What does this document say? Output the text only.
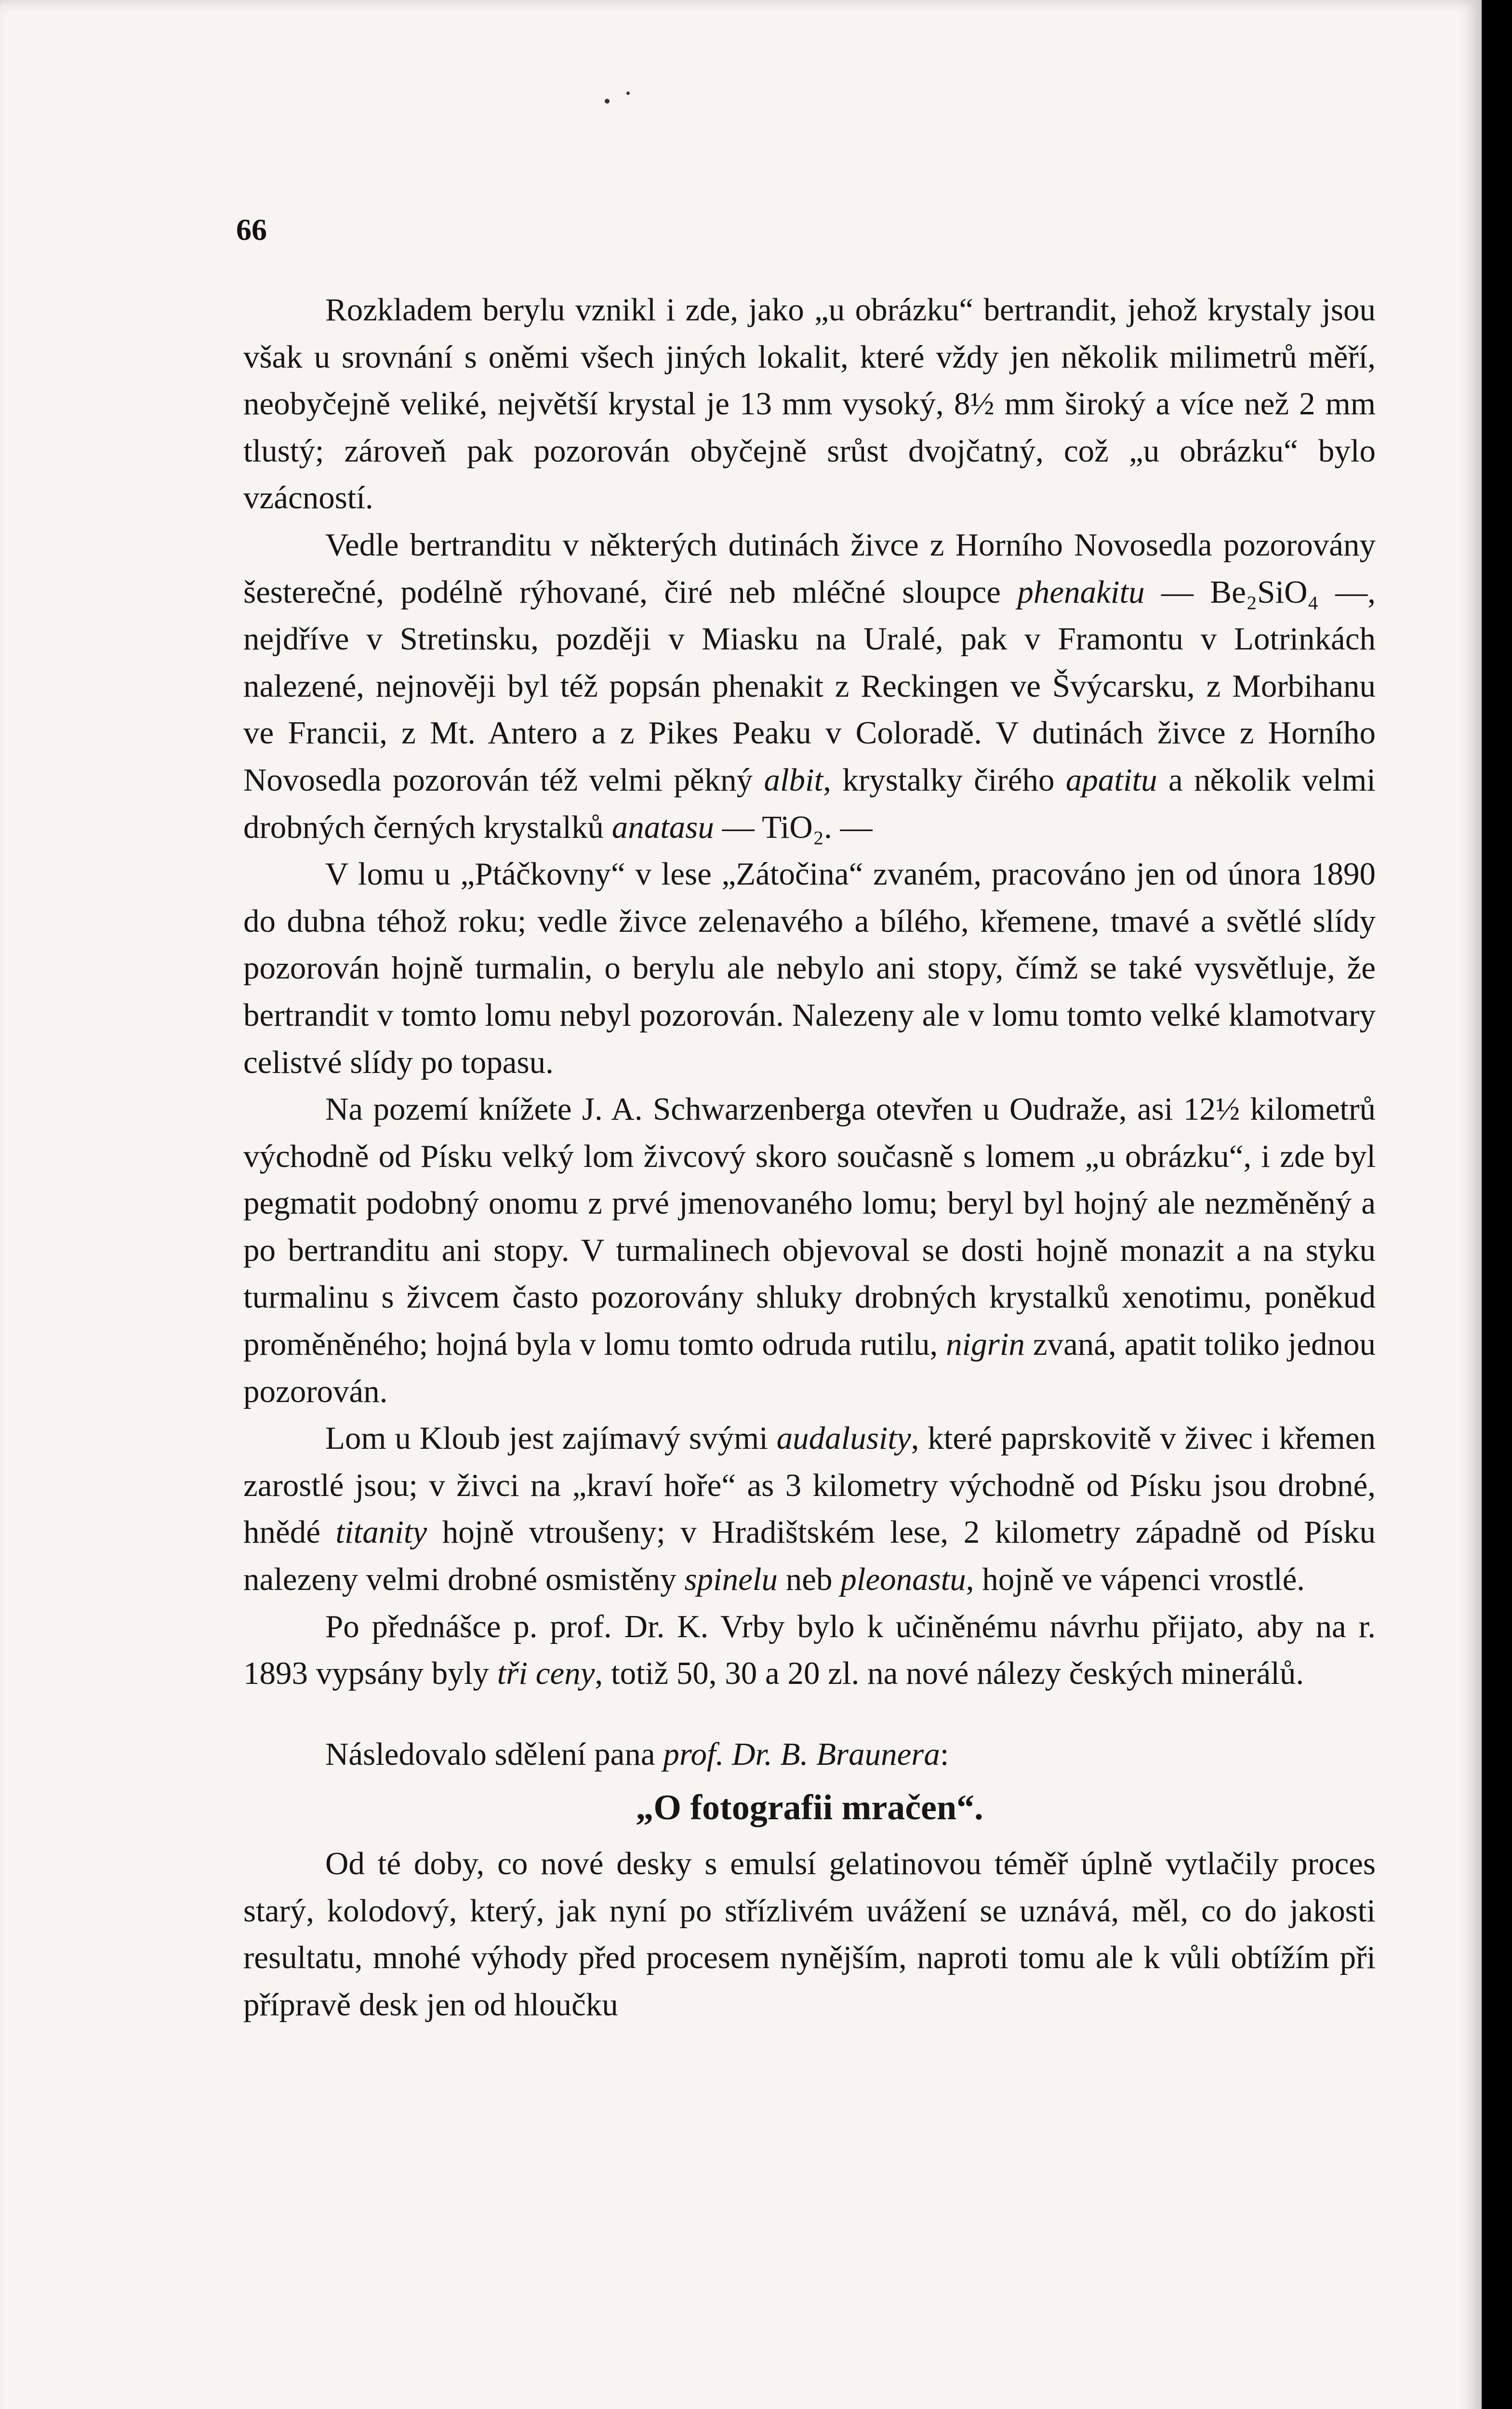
66

Rozkladem berylu vznikl i zde, jako „u obrázku“ bertrandit, jehož krystaly jsou však u srovnání s oněmi všech jiných lokalit, které vždy jen několik milimetrů měří, neobyčejně veliké, největší krystal je 13 mm vysoký, 8½ mm široký a více než 2 mm tlustý; zároveň pak pozorován obyčejně srůst dvojčatný, což „u obrázku“ bylo vzácností.

Vedle bertranditu v některých dutinách živce z Horního Novosedla pozorovány šesterečné, podélně rýhované, čiré neb mléčné sloupce phenakitu — Be₂SiO₄ —, nejdříve v Stretinsku, později v Miasku na Uralé, pak v Framontu v Lotrinkách nalezené, nejnověji byl též popsán phenakit z Reckingen ve Švýcarsku, z Morbihanu ve Francii, z Mt. Antero a z Pikes Peaku v Coloradě. V dutinách živce z Horního Novosedla pozorován též velmi pěkný albit, krystalky čirého apatitu a několik velmi drobných černých krystalků anatasu — TiO₂. —

V lomu u „Ptáčkovny“ v lese „Zátočina“ zvaném, pracováno jen od února 1890 do dubna téhož roku; vedle živce zelenavého a bílého, křemene, tmavé a světlé slídy pozorován hojně turmalin, o berylu ale nebylo ani stopy, čímž se také vysvětluje, že bertrandit v tomto lomu nebyl pozorován. Nalezeny ale v lomu tomto velké klamotvary celistvé slídy po topasu.

Na pozemí knížete J. A. Schwarzenberga otevřen u Oudraže, asi 12½ kilometrů východně od Písku velký lom živcový skoro současně s lomem „u obrázku“, i zde byl pegmatit podobný onomu z prvé jmenovaného lomu; beryl byl hojný ale nezměněný a po bertranditu ani stopy. V turmalinech objevoval se dosti hojně monazit a na styku turmalinu s živcem často pozorovány shluky drobných krystalků xenotimu, poněkud proměněného; hojná byla v lomu tomto odruda rutilu, nigrin zvaná, apatit toliko jednou pozorován.

Lom u Kloub jest zajímavý svými audalusity, které paprskovitě v živec i křemen zarostlé jsou; v živci na „kraví hoře“ as 3 kilometry východně od Písku jsou drobné, hnědé titanity hojně vtroušeny; v Hradištském lese, 2 kilometry západně od Písku nalezeny velmi drobné osmistěny spinelu neb pleonastu, hojně ve vápenci vrostlé.

Po přednášce p. prof. Dr. K. Vrby bylo k učiněnému návrhu přijato, aby na r. 1893 vypsány byly tři ceny, totiž 50, 30 a 20 zl. na nové nálezy českých minerálů.

Následovalo sdělení pana prof. Dr. B. Braunera:

„O fotografii mračen“.

Od té doby, co nové desky s emulsí gelatinovou téměř úplně vytlačily proces starý, kolodový, který, jak nyní po střízlivém uvážení se uznává, měl, co do jakosti resultatu, mnohé výhody před procesem nynějším, naproti tomu ale k vůli obtížím při přípravě desk jen od hloučku
